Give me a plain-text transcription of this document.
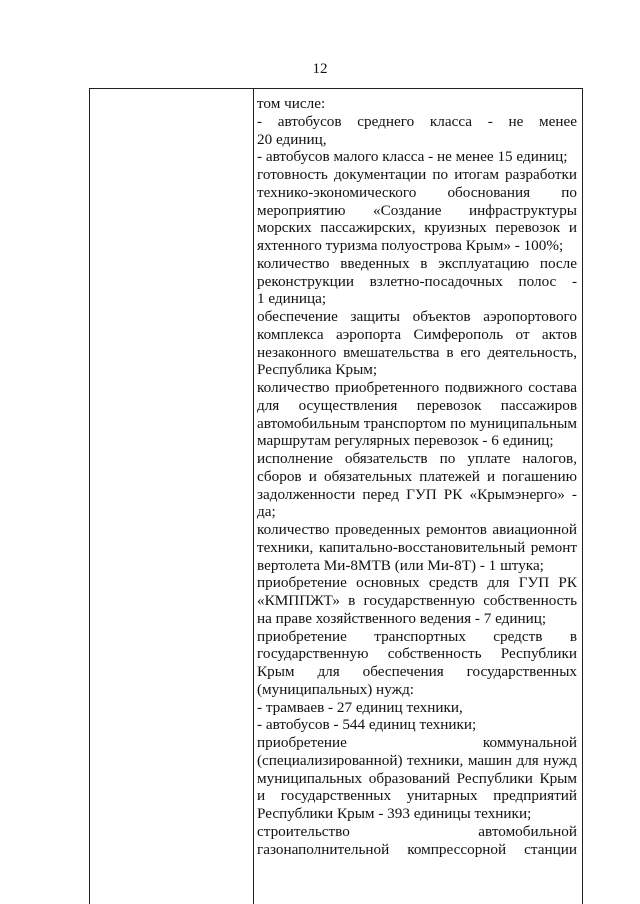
12
том числе:
- автобусов среднего класса - не менее
20 единиц,
- автобусов малого класса - не менее 15 единиц;
готовность документации по итогам разработки
технико-экономического обоснования по
мероприятию «Создание инфраструктуры
морских пассажирских, круизных перевозок и
яхтенного туризма полуострова Крым» - 100%;
количество введенных в эксплуатацию после
реконструкции взлетно-посадочных полос -
1 единица;
обеспечение защиты объектов аэропортового
комплекса аэропорта Симферополь от актов
незаконного вмешательства в его деятельность,
Республика Крым;
количество приобретенного подвижного состава
для осуществления перевозок пассажиров
автомобильным транспортом по муниципальным
маршрутам регулярных перевозок - 6 единиц;
исполнение обязательств по уплате налогов,
сборов и обязательных платежей и погашению
задолженности перед ГУП РК «Крымэнерго» -
да;
количество проведенных ремонтов авиационной
техники, капитально-восстановительный ремонт
вертолета Ми-8МТВ (или Ми-8Т) - 1 штука;
приобретение основных средств для ГУП РК
«КМППЖТ» в государственную собственность
на праве хозяйственного ведения - 7 единиц;
приобретение транспортных средств в
государственную собственность Республики
Крым для обеспечения государственных
(муниципальных) нужд:
- трамваев - 27 единиц техники,
- автобусов - 544 единиц техники;
приобретение коммунальной
(специализированной) техники, машин для нужд
муниципальных образований Республики Крым
и государственных унитарных предприятий
Республики Крым - 393 единицы техники;
строительство автомобильной
газонаполнительной компрессорной станции
